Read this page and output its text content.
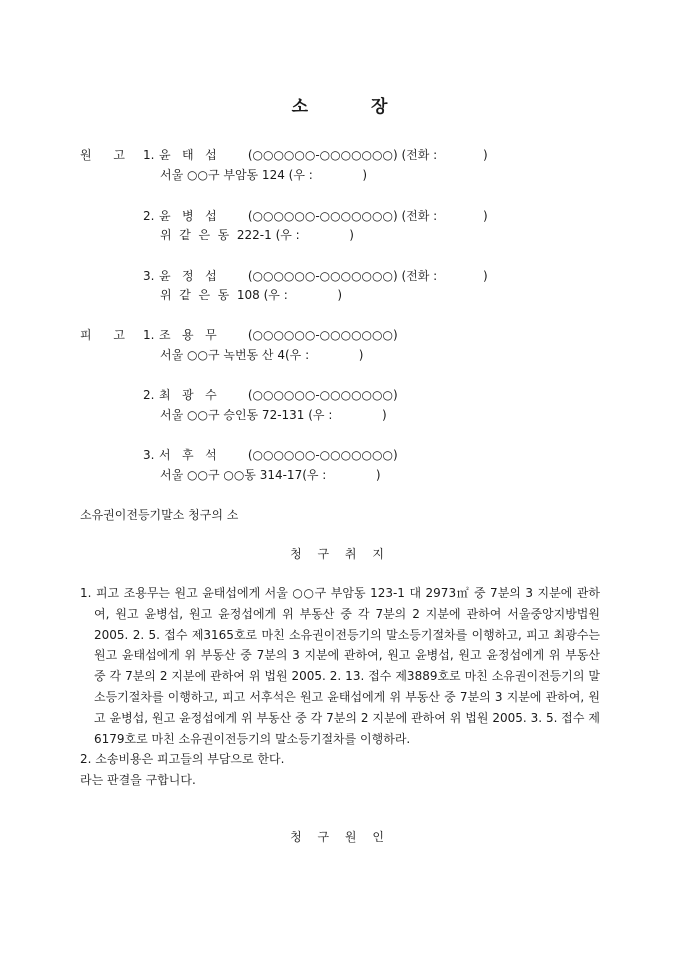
소	장
원 고 1. 윤   태   섭	(○○○○○○-○○○○○○○) (전화 :            )
서울 ○○구 부암동 124 (우 :             )
2. 윤   병   섭	(○○○○○○-○○○○○○○) (전화 :            )
위  같  은  동  222-1 (우 :             )
3. 윤   정   섭	(○○○○○○-○○○○○○○) (전화 :            )
위  같  은  동  108 (우 :             )
피 고 1. 조   용   무	(○○○○○○-○○○○○○○)
서울 ○○구 녹번동 산 4(우 :             )
2. 최   광   수	(○○○○○○-○○○○○○○)
서울 ○○구 승인동 72-131 (우 :             )
3. 서   후   석	(○○○○○○-○○○○○○○)
서울 ○○구 ○○동 314-17(우 :             )
소유권이전등기말소 청구의 소
청 구 취 지

1. 피고 조용무는 원고 윤태섭에게 서울 ○○구 부암동 123-1 대 2973㎡ 중 7분의 3 지분에 관하여, 원고 윤병섭, 원고 윤정섭에게 위 부동산 중 각 7분의 2 지분에 관하여 서울중앙지방법원 2005. 2. 5. 접수 제3165호로 마친 소유권이전등기의 말소등기절차를 이행하고, 피고 최광수는 원고 윤태섭에게 위 부동산 중 7분의 3 지분에 관하여, 원고 윤병섭, 원고 윤정섭에게 위 부동산 중 각 7분의 2 지분에 관하여 위 법원 2005. 2. 13. 접수 제3889호로 마친 소유권이전등기의 말소등기절차를 이행하고, 피고 서후석은 원고 윤태섭에게 위 부동산 중 7분의 3 지분에 관하여, 원고 윤병섭, 원고 윤정섭에게 위 부동산 중 각 7분의 2 지분에 관하여 위 법원 2005. 3. 5. 접수 제6179호로 마친 소유권이전등기의 말소등기절차를 이행하라.

2. 소송비용은 피고들의 부담으로 한다.

라는 판결을 구합니다.

청 구 원 인
